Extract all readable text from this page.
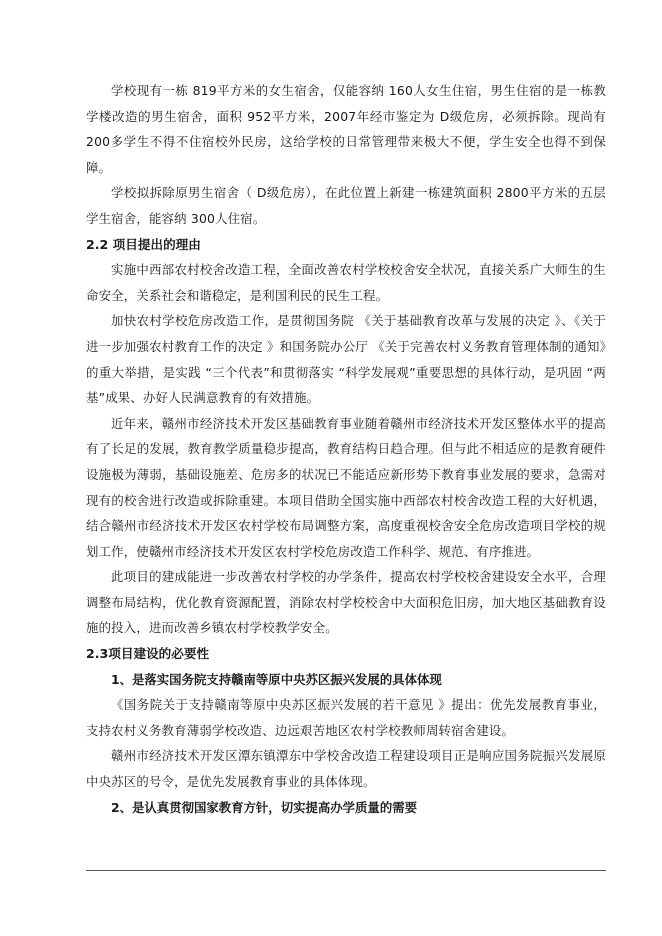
学校现有一栋 819平方米的女生宿舍，仅能容纳 160人女生住宿，男生住宿的是一栋教学楼改造的男生宿舍，面积 952平方米，2007年经市鉴定为 D级危房，必须拆除。现尚有 200多学生不得不住宿校外民房，这给学校的日常管理带来极大不便，学生安全也得不到保障。

学校拟拆除原男生宿舍（ D级危房），在此位置上新建一栋建筑面积 2800平方米的五层学生宿舍，能容纳 300人住宿。

2.2 项目提出的理由

实施中西部农村校舍改造工程，全面改善农村学校校舍安全状况，直接关系广大师生的生命安全，关系社会和谐稳定，是利国利民的民生工程。

加快农村学校危房改造工作，是贯彻国务院 《关于基础教育改革与发展的决定 》、《关于进一步加强农村教育工作的决定 》和国务院办公厅 《关于完善农村义务教育管理体制的通知》的重大举措，是实践 “三个代表”和贯彻落实 “科学发展观”重要思想的具体行动，是巩固 “两基”成果、办好人民满意教育的有效措施。

近年来，赣州市经济技术开发区基础教育事业随着赣州市经济技术开发区整体水平的提高有了长足的发展，教育教学质量稳步提高，教育结构日趋合理。但与此不相适应的是教育硬件设施极为薄弱，基础设施差、危房多的状况已不能适应新形势下教育事业发展的要求，急需对现有的校舍进行改造或拆除重建。本项目借助全国实施中西部农村校舍改造工程的大好机遇，结合赣州市经济技术开发区农村学校布局调整方案，高度重视校舍安全危房改造项目学校的规划工作，使赣州市经济技术开发区农村学校危房改造工作科学、规范、有序推进。

此项目的建成能进一步改善农村学校的办学条件，提高农村学校校舍建设安全水平，合理调整布局结构，优化教育资源配置，消除农村学校校舍中大面积危旧房，加大地区基础教育设施的投入，进而改善乡镇农村学校教学安全。

2.3项目建设的必要性

1、是落实国务院支持赣南等原中央苏区振兴发展的具体体现

《国务院关于支持赣南等原中央苏区振兴发展的若干意见 》提出：优先发展教育事业，支持农村义务教育薄弱学校改造、边远艰苦地区农村学校教师周转宿舍建设。

赣州市经济技术开发区潭东镇潭东中学校舍改造工程建设项目正是响应国务院振兴发展原中央苏区的号令，是优先发展教育事业的具体体现。

2、是认真贯彻国家教育方针，切实提高办学质量的需要
